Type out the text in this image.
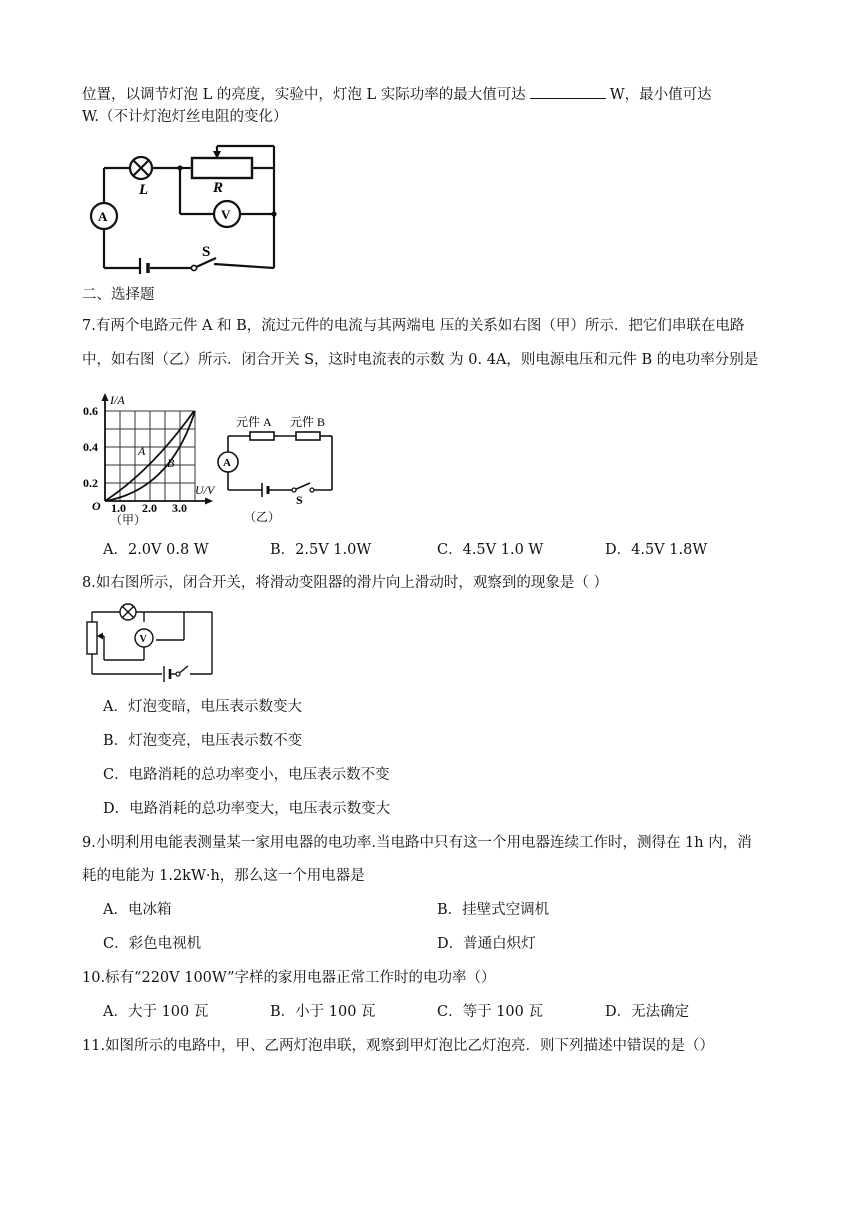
位置，以调节灯泡 L 的亮度，实验中，灯泡 L 实际功率的最大值可达	W，最小值可达
W.（不计灯泡灯丝电阻的变化）
L	R
A	V
S
二、选择题
7.有两个电路元件 A 和 B，流过元件的电流与其两端电 压的关系如右图（甲）所示．把它们串联在电路
中，如右图（乙）所示．闭合开关 S，这时电流表的示数 为 0. 4A，则电源电压和元件 B 的电功率分别是
I/A
0.6
0.4
0.2
O 1.0 2.0 3.0
U/V
A
B
（甲）
元件 A 元件 B
A
S
（乙）
A．2.0V 0.8 W	B．2.5V 1.0W	C．4.5V 1.0 W	D．4.5V 1.8W
8.如右图所示，闭合开关，将滑动变阻器的滑片向上滑动时，观察到的现象是（ ）
V
A．灯泡变暗，电压表示数变大
B．灯泡变亮，电压表示数不变
C．电路消耗的总功率变小，电压表示数不变
D．电路消耗的总功率变大，电压表示数变大
9.小明利用电能表测量某一家用电器的电功率.当电路中只有这一个用电器连续工作时，测得在 1h 内，消
耗的电能为 1.2kW·h，那么这一个用电器是
A．电冰箱	B．挂壁式空调机
C．彩色电视机	D．普通白炽灯
10.标有“220V 100W”字样的家用电器正常工作时的电功率（）
A．大于 100 瓦	B．小于 100 瓦	C．等于 100 瓦	D．无法确定
11.如图所示的电路中，甲、乙两灯泡串联，观察到甲灯泡比乙灯泡亮．则下列描述中错误的是（）
